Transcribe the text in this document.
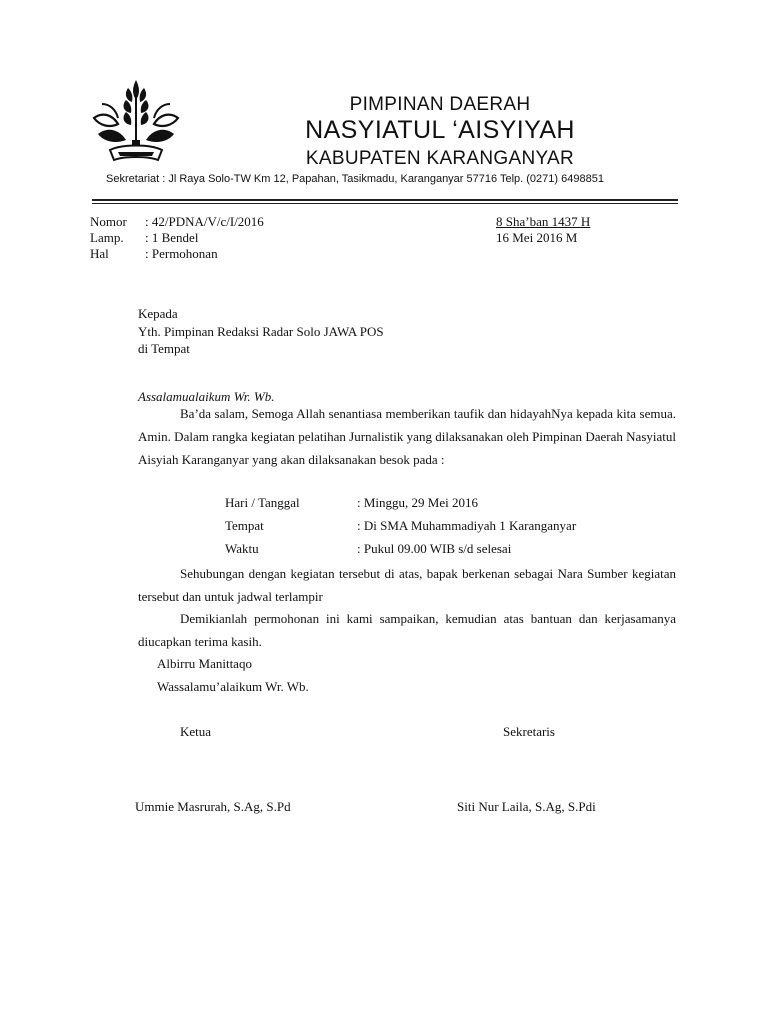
PIMPINAN DAERAH
NASYIATUL ‘AISYIYAH
KABUPATEN KARANGANYAR
Sekretariat : Jl Raya Solo-TW Km 12, Papahan, Tasikmadu, Karanganyar 57716 Telp. (0271) 6498851
Nomor : 42/PDNA/V/c/I/2016
Lamp. : 1 Bendel
Hal	: Permohonan
8 Sha’ban 1437 H
16 Mei 2016 M
Kepada
Yth. Pimpinan Redaksi Radar Solo JAWA POS
di Tempat
Assalamualaikum Wr. Wb.
Ba’da salam, Semoga Allah senantiasa memberikan taufik dan hidayahNya kepada kita semua. Amin. Dalam rangka kegiatan pelatihan Jurnalistik yang dilaksanakan oleh Pimpinan Daerah Nasyiatul Aisyiah Karanganyar yang akan dilaksanakan besok pada :
Hari / Tanggal	: Minggu, 29 Mei 2016
Tempat	: Di SMA Muhammadiyah 1 Karanganyar
Waktu	: Pukul 09.00 WIB s/d selesai
Sehubungan dengan kegiatan tersebut di atas, bapak berkenan sebagai Nara Sumber kegiatan tersebut dan untuk jadwal terlampir
Demikianlah permohonan ini kami sampaikan, kemudian atas bantuan dan kerjasamanya diucapkan terima kasih.
Albirru Manittaqo
Wassalamu’alaikum Wr. Wb.
Ketua	Sekretaris
Ummie Masrurah, S.Ag, S.Pd	Siti Nur Laila, S.Ag, S.Pdi
